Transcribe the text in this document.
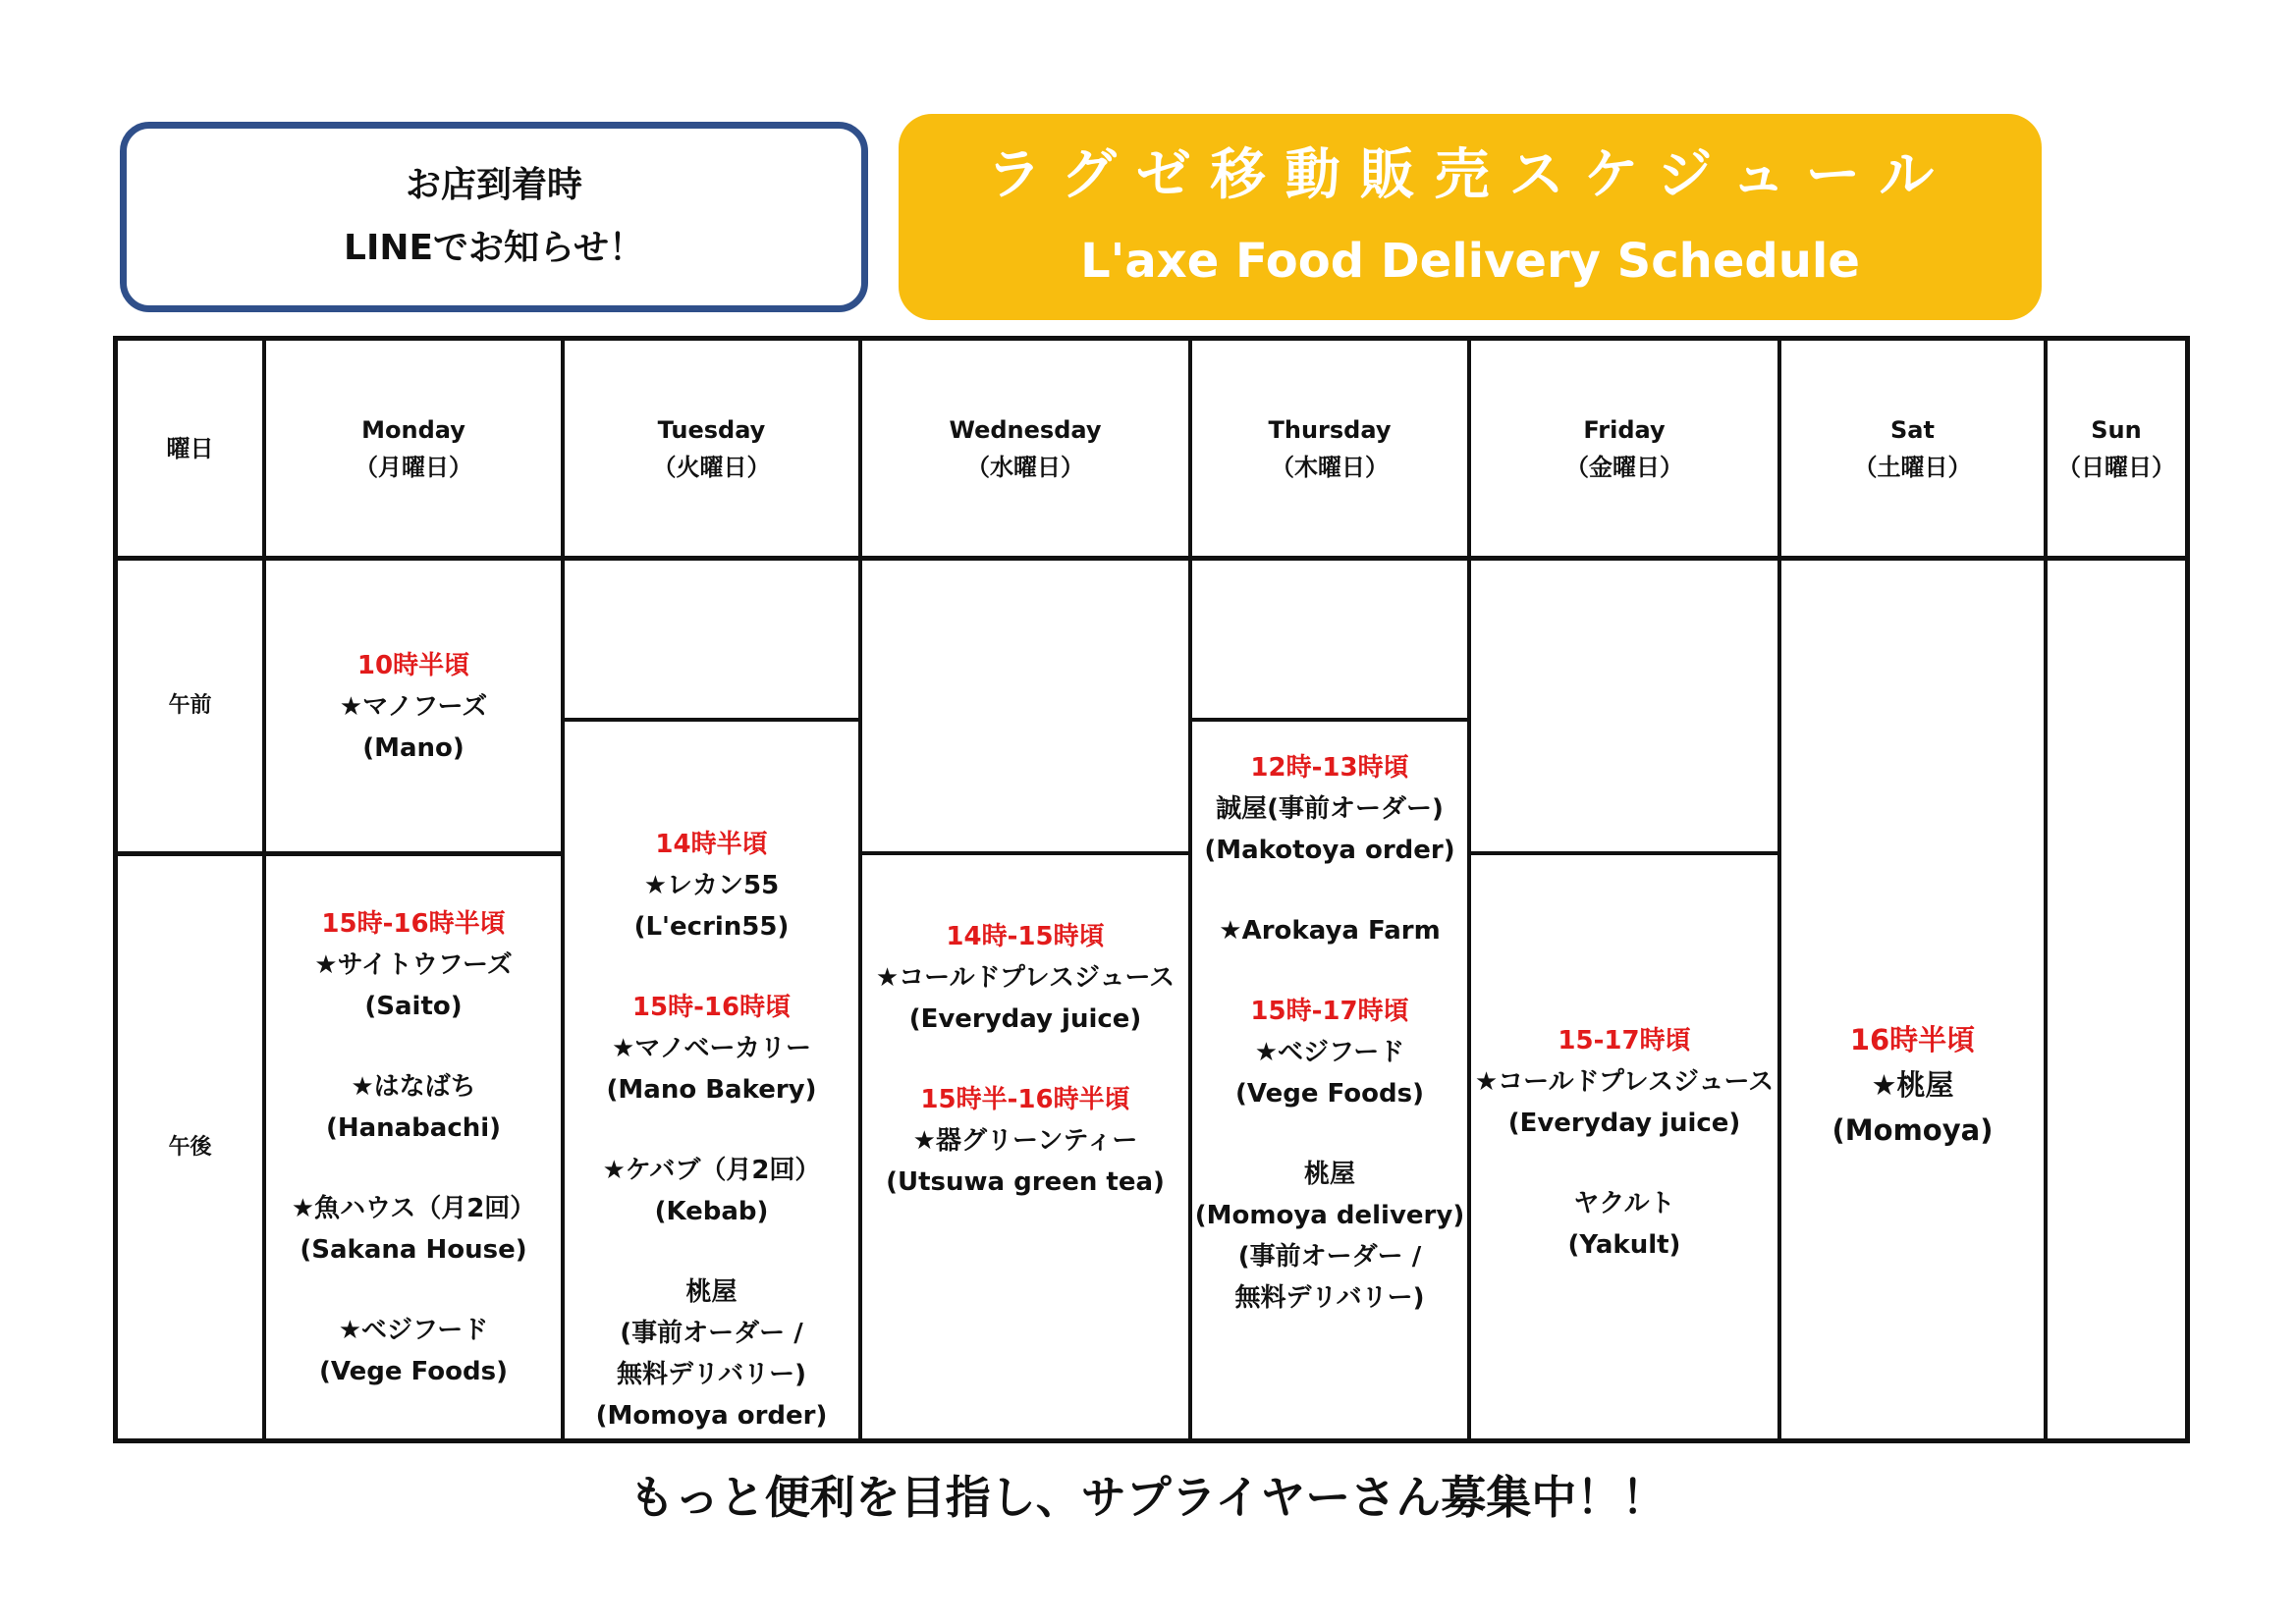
お店到着時
LINEでお知らせ！
ラグゼ移動販売スケジュール
L'axe Food Delivery Schedule
曜日
Monday
（月曜日）
Tuesday
（火曜日）
Wednesday
（水曜日）
Thursday
（木曜日）
Friday
（金曜日）
Sat
（土曜日）
Sun
（日曜日）
午前
午後
10時半頃
★マノフーズ
(Mano)
15時-16時半頃
★サイトウフーズ
(Saito)
★はなばち
(Hanabachi)
★魚ハウス（月2回）
(Sakana House)
★ベジフード
(Vege Foods)
14時半頃
★レカン55
(L'ecrin55)
15時-16時頃
★マノベーカリー
(Mano Bakery)
★ケバブ（月2回）
(Kebab)
桃屋
(事前オーダー /
無料デリバリー)
(Momoya order)
14時-15時頃
★コールドプレスジュース
(Everyday juice)
15時半-16時半頃
★器グリーンティー
(Utsuwa green tea)
12時-13時頃
誠屋(事前オーダー)
(Makotoya order)
★Arokaya Farm
15時-17時頃
★ベジフード
(Vege Foods)
桃屋
(Momoya delivery)
(事前オーダー /
無料デリバリー)
15-17時頃
★コールドプレスジュース
(Everyday juice)
ヤクルト
(Yakult)
16時半頃
★桃屋
(Momoya)
もっと便利を目指し、サプライヤーさん募集中！！
